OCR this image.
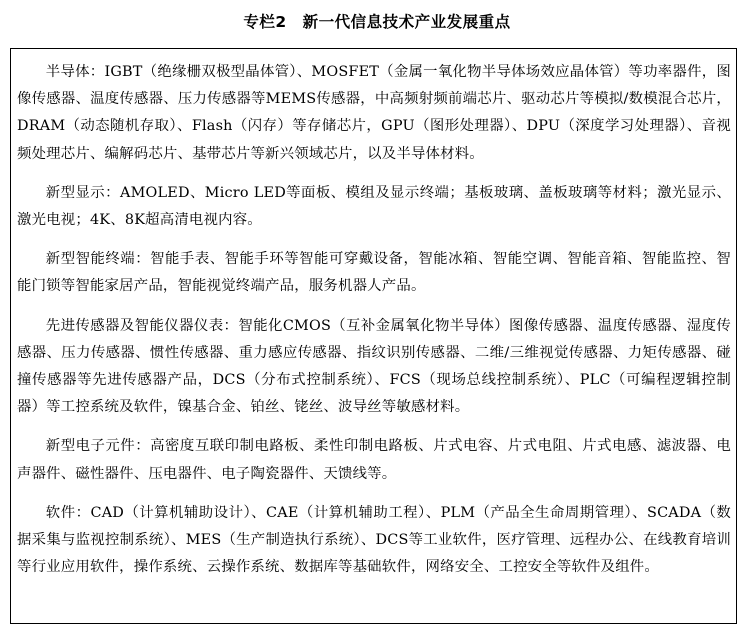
专栏2 新一代信息技术产业发展重点

半导体：IGBT（绝缘栅双极型晶体管）、MOSFET（金属一氧化物半导体场效应晶体管）等功率器件，图像传感器、温度传感器、压力传感器等MEMS传感器，中高频射频前端芯片、驱动芯片等模拟/数模混合芯片，DRAM（动态随机存取）、Flash（闪存）等存储芯片，GPU（图形处理器）、DPU（深度学习处理器）、音视频处理芯片、编解码芯片、基带芯片等新兴领域芯片，以及半导体材料。

新型显示：AMOLED、Micro LED等面板、模组及显示终端；基板玻璃、盖板玻璃等材料；激光显示、激光电视；4K、8K超高清电视内容。

新型智能终端：智能手表、智能手环等智能可穿戴设备，智能冰箱、智能空调、智能音箱、智能监控、智能门锁等智能家居产品，智能视觉终端产品，服务机器人产品。

先进传感器及智能仪器仪表：智能化CMOS（互补金属氧化物半导体）图像传感器、温度传感器、湿度传感器、压力传感器、惯性传感器、重力感应传感器、指纹识别传感器、二维/三维视觉传感器、力矩传感器、碰撞传感器等先进传感器产品，DCS（分布式控制系统）、FCS（现场总线控制系统）、PLC（可编程逻辑控制器）等工控系统及软件，镍基合金、铂丝、铑丝、波导丝等敏感材料。

新型电子元件：高密度互联印制电路板、柔性印制电路板、片式电容、片式电阻、片式电感、滤波器、电声器件、磁性器件、压电器件、电子陶瓷器件、天馈线等。

软件：CAD（计算机辅助设计）、CAE（计算机辅助工程）、PLM（产品全生命周期管理）、SCADA（数据采集与监视控制系统）、MES（生产制造执行系统）、DCS等工业软件，医疗管理、远程办公、在线教育培训等行业应用软件，操作系统、云操作系统、数据库等基础软件，网络安全、工控安全等软件及组件。
